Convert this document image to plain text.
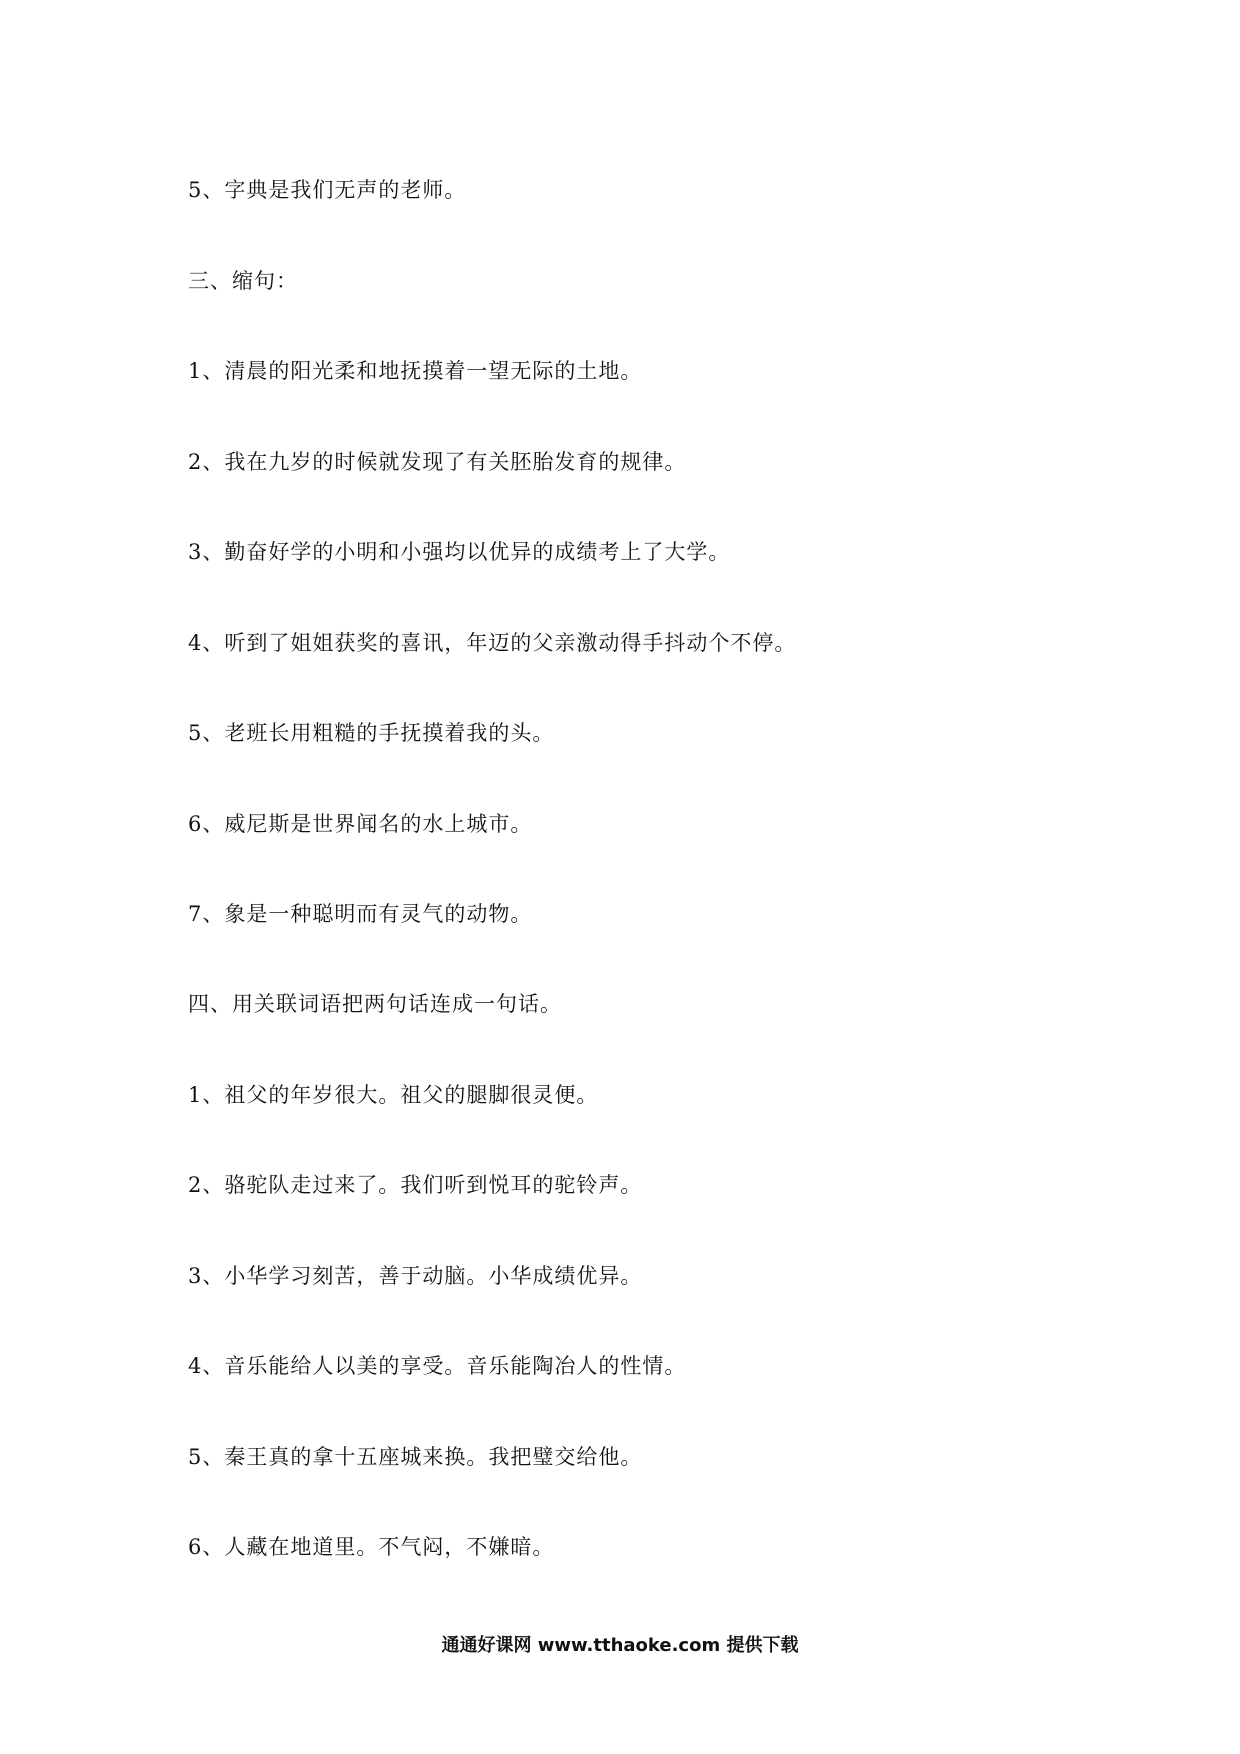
5、字典是我们无声的老师。
三、缩句：
1、清晨的阳光柔和地抚摸着一望无际的土地。
2、我在九岁的时候就发现了有关胚胎发育的规律。
3、勤奋好学的小明和小强均以优异的成绩考上了大学。
4、听到了姐姐获奖的喜讯，年迈的父亲激动得手抖动个不停。
5、老班长用粗糙的手抚摸着我的头。
6、威尼斯是世界闻名的水上城市。
7、象是一种聪明而有灵气的动物。
四、用关联词语把两句话连成一句话。
1、祖父的年岁很大。祖父的腿脚很灵便。
2、骆驼队走过来了。我们听到悦耳的驼铃声。
3、小华学习刻苦，善于动脑。小华成绩优异。
4、音乐能给人以美的享受。音乐能陶冶人的性情。
5、秦王真的拿十五座城来换。我把璧交给他。
6、人藏在地道里。不气闷，不嫌暗。
通通好课网 www.tthaoke.com 提供下载
